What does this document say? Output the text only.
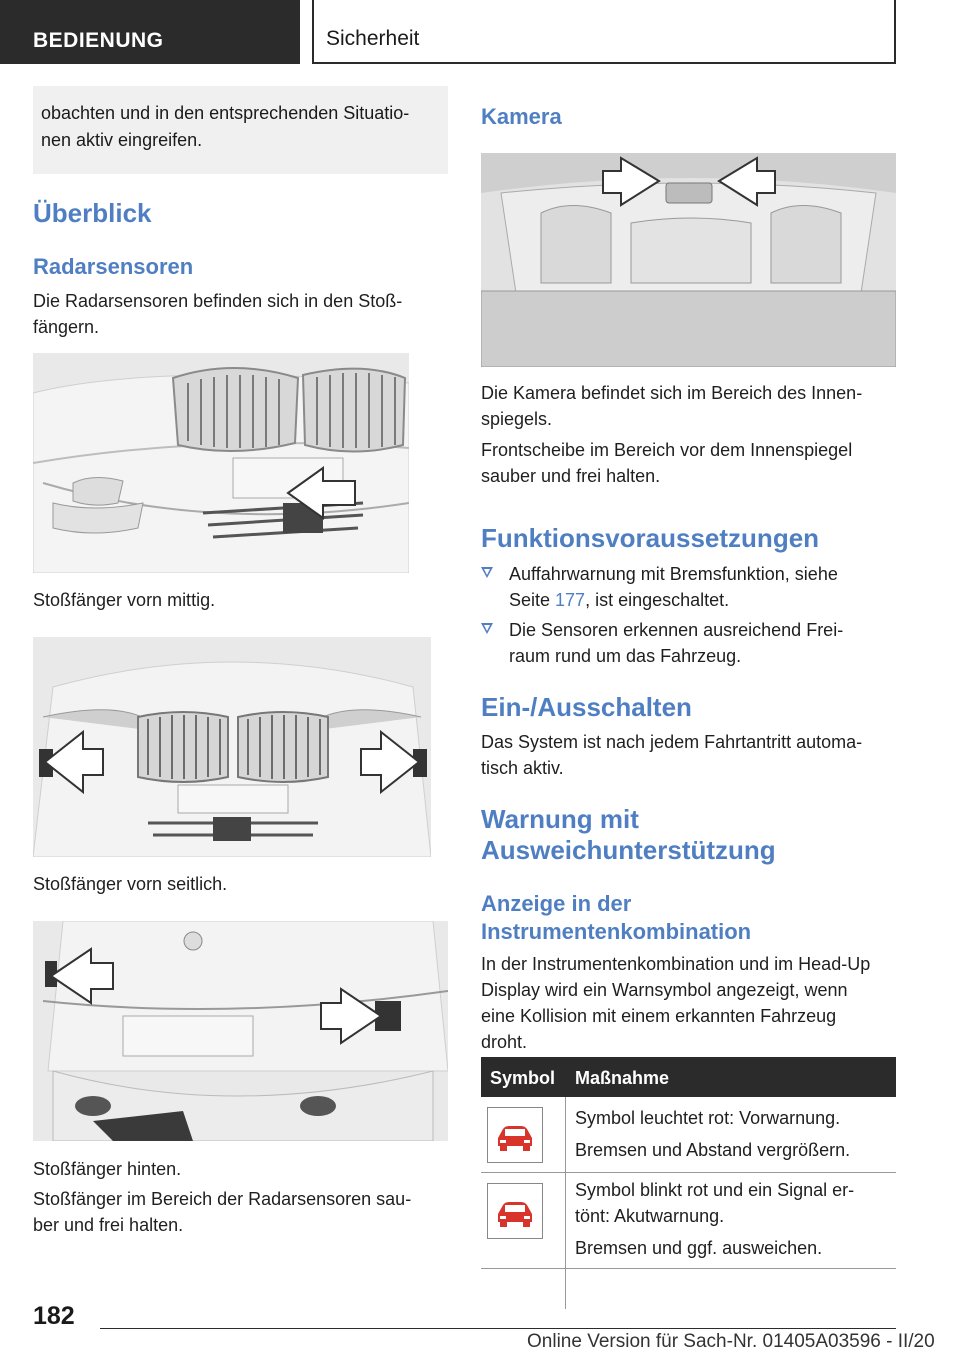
BEDIENUNG	Sicherheit
obachten und in den entsprechenden Situatio-
nen aktiv eingreifen.
Überblick
Radarsensoren
Die Radarsensoren befinden sich in den Stoß-
fängern.
Stoßfänger vorn mittig.
Stoßfänger vorn seitlich.
Stoßfänger hinten.
Stoßfänger im Bereich der Radarsensoren sau-
ber und frei halten.
Kamera
Die Kamera befindet sich im Bereich des Innen-
spiegels.
Frontscheibe im Bereich vor dem Innenspiegel
sauber und frei halten.
Funktionsvoraussetzungen
Auffahrwarnung mit Bremsfunktion, siehe
Seite 177, ist eingeschaltet.
Die Sensoren erkennen ausreichend Frei-
raum rund um das Fahrzeug.
Ein-/Ausschalten
Das System ist nach jedem Fahrtantritt automa-
tisch aktiv.
Warnung mit
Ausweichunterstützung
Anzeige in der
Instrumentenkombination
In der Instrumentenkombination und im Head-Up
Display wird ein Warnsymbol angezeigt, wenn
eine Kollision mit einem erkannten Fahrzeug
droht.
Symbol Maßnahme
Symbol leuchtet rot: Vorwarnung.
Bremsen und Abstand vergrößern.
Symbol blinkt rot und ein Signal er-
tönt: Akutwarnung.
Bremsen und ggf. ausweichen.
182
Online Version für Sach-Nr. 01405A03596 - II/20
